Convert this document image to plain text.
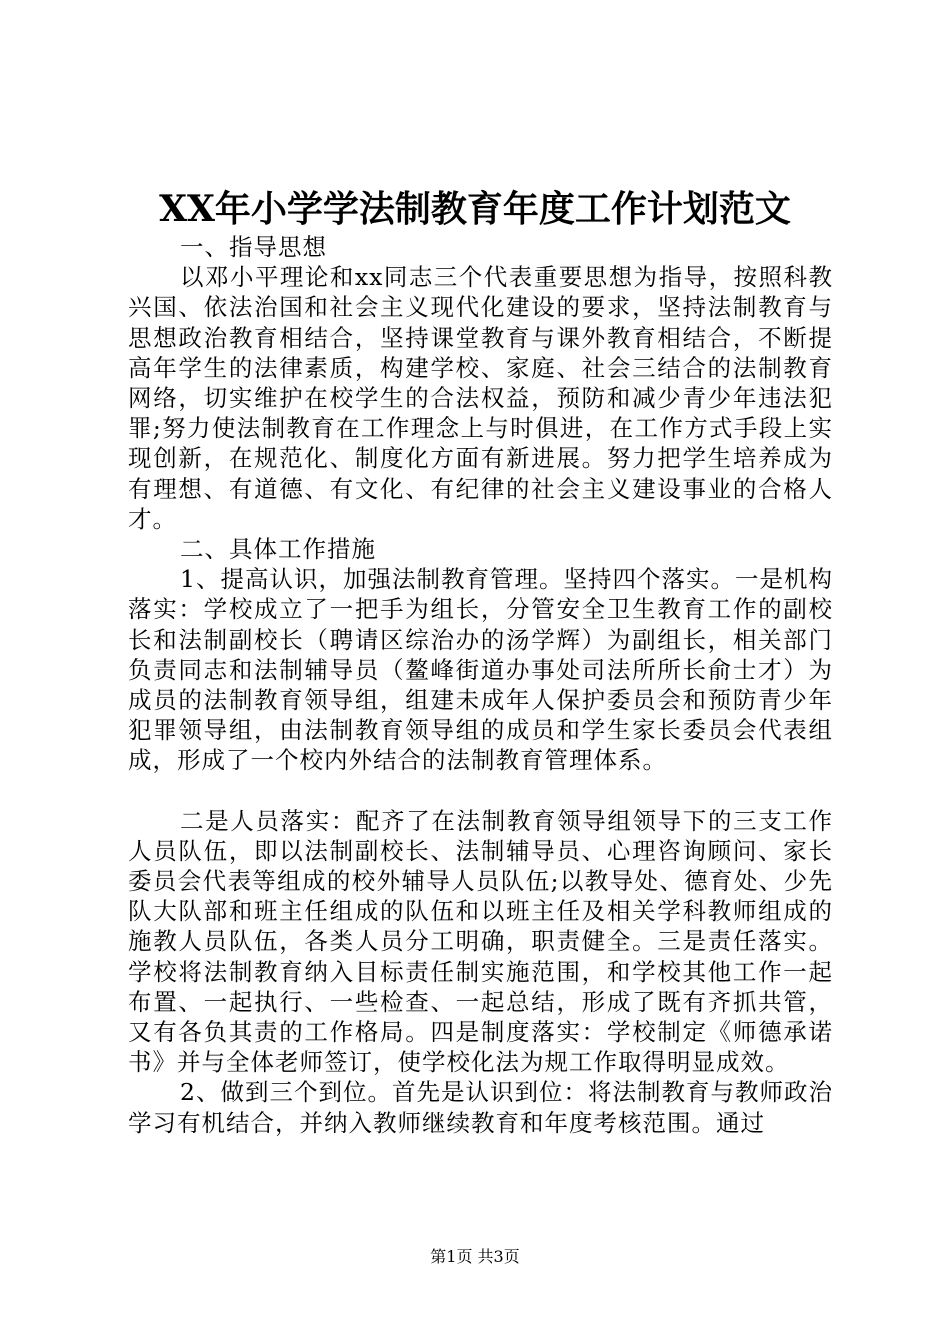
XX年小学学法制教育年度工作计划范文

一、指导思想

以邓小平理论和xx同志三个代表重要思想为指导，按照科教兴国、依法治国和社会主义现代化建设的要求，坚持法制教育与思想政治教育相结合，坚持课堂教育与课外教育相结合，不断提高年学生的法律素质，构建学校、家庭、社会三结合的法制教育网络，切实维护在校学生的合法权益，预防和减少青少年违法犯罪;努力使法制教育在工作理念上与时俱进，在工作方式手段上实现创新，在规范化、制度化方面有新进展。努力把学生培养成为有理想、有道德、有文化、有纪律的社会主义建设事业的合格人才。

二、具体工作措施

1、提高认识，加强法制教育管理。坚持四个落实。一是机构落实：学校成立了一把手为组长，分管安全卫生教育工作的副校长和法制副校长（聘请区综治办的汤学辉）为副组长，相关部门负责同志和法制辅导员（鳌峰街道办事处司法所所长俞士才）为成员的法制教育领导组，组建未成年人保护委员会和预防青少年犯罪领导组，由法制教育领导组的成员和学生家长委员会代表组成，形成了一个校内外结合的法制教育管理体系。

二是人员落实：配齐了在法制教育领导组领导下的三支工作人员队伍，即以法制副校长、法制辅导员、心理咨询顾问、家长委员会代表等组成的校外辅导人员队伍;以教导处、德育处、少先队大队部和班主任组成的队伍和以班主任及相关学科教师组成的施教人员队伍，各类人员分工明确，职责健全。三是责任落实。学校将法制教育纳入目标责任制实施范围，和学校其他工作一起布置、一起执行、一些检查、一起总结，形成了既有齐抓共管，又有各负其责的工作格局。四是制度落实：学校制定《师德承诺书》并与全体老师签订，使学校化法为规工作取得明显成效。

2、做到三个到位。首先是认识到位：将法制教育与教师政治学习有机结合，并纳入教师继续教育和年度考核范围。通过

第1页 共3页
